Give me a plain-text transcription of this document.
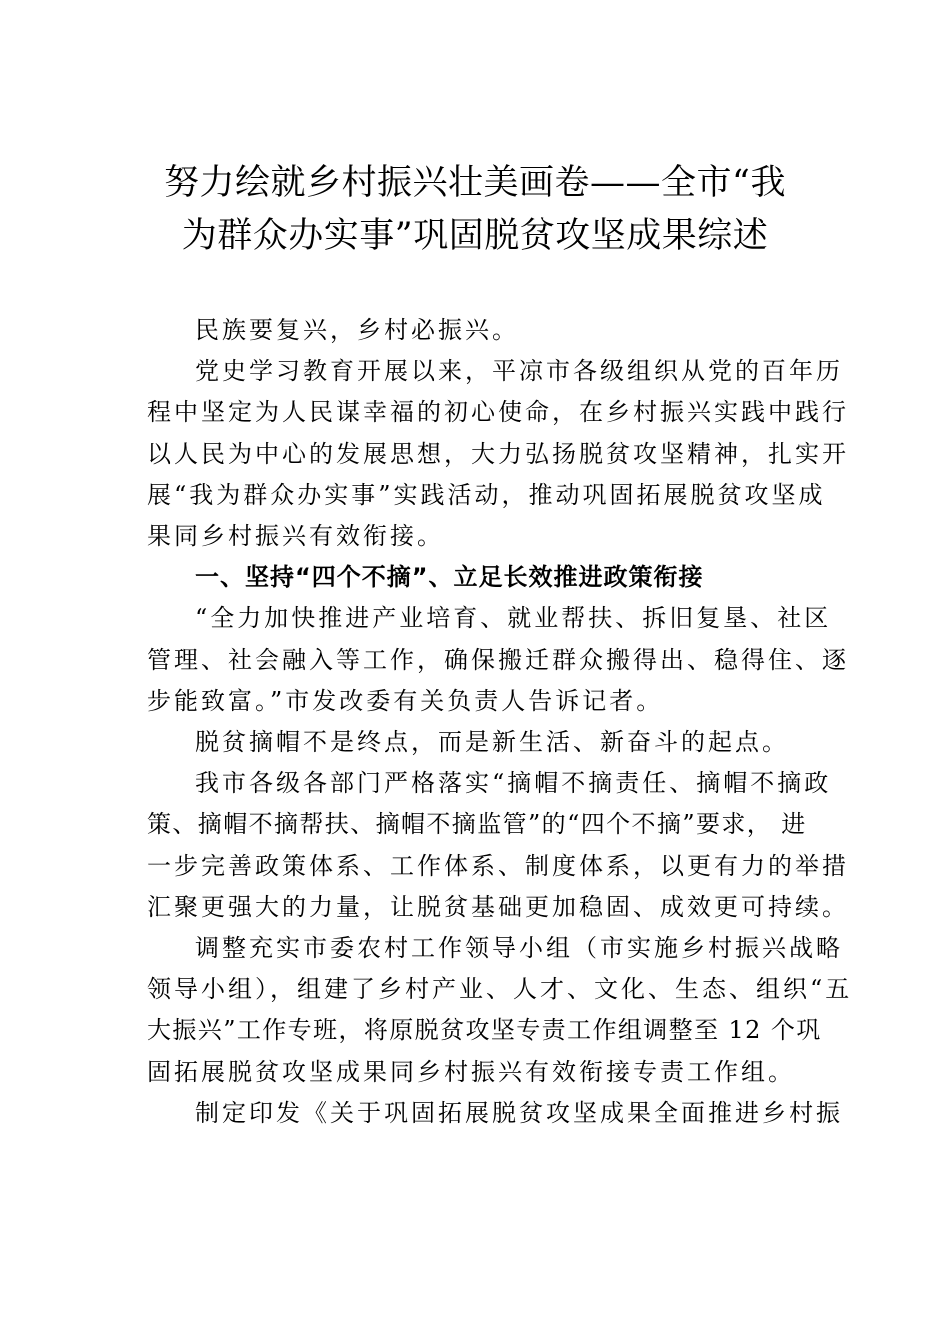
努力绘就乡村振兴壮美画卷——全市“我
为群众办实事”巩固脱贫攻坚成果综述
民族要复兴，乡村必振兴。
党史学习教育开展以来，平凉市各级组织从党的百年历
程中坚定为人民谋幸福的初心使命，在乡村振兴实践中践行
以人民为中心的发展思想，大力弘扬脱贫攻坚精神，扎实开
展“我为群众办实事”实践活动，推动巩固拓展脱贫攻坚成
果同乡村振兴有效衔接。
一、坚持“四个不摘”、立足长效推进政策衔接
“全力加快推进产业培育、就业帮扶、拆旧复垦、社区
管理、社会融入等工作，确保搬迁群众搬得出、稳得住、逐
步能致富。”市发改委有关负责人告诉记者。
脱贫摘帽不是终点，而是新生活、新奋斗的起点。
我市各级各部门严格落实“摘帽不摘责任、摘帽不摘政
策、摘帽不摘帮扶、摘帽不摘监管”的“四个不摘”要求， 进
一步完善政策体系、工作体系、制度体系，以更有力的举措
汇聚更强大的力量，让脱贫基础更加稳固、成效更可持续。
调整充实市委农村工作领导小组（市实施乡村振兴战略
领导小组），组建了乡村产业、人才、文化、生态、组织“五
大振兴”工作专班，将原脱贫攻坚专责工作组调整至 12 个巩
固拓展脱贫攻坚成果同乡村振兴有效衔接专责工作组。
制定印发《关于巩固拓展脱贫攻坚成果全面推进乡村振
